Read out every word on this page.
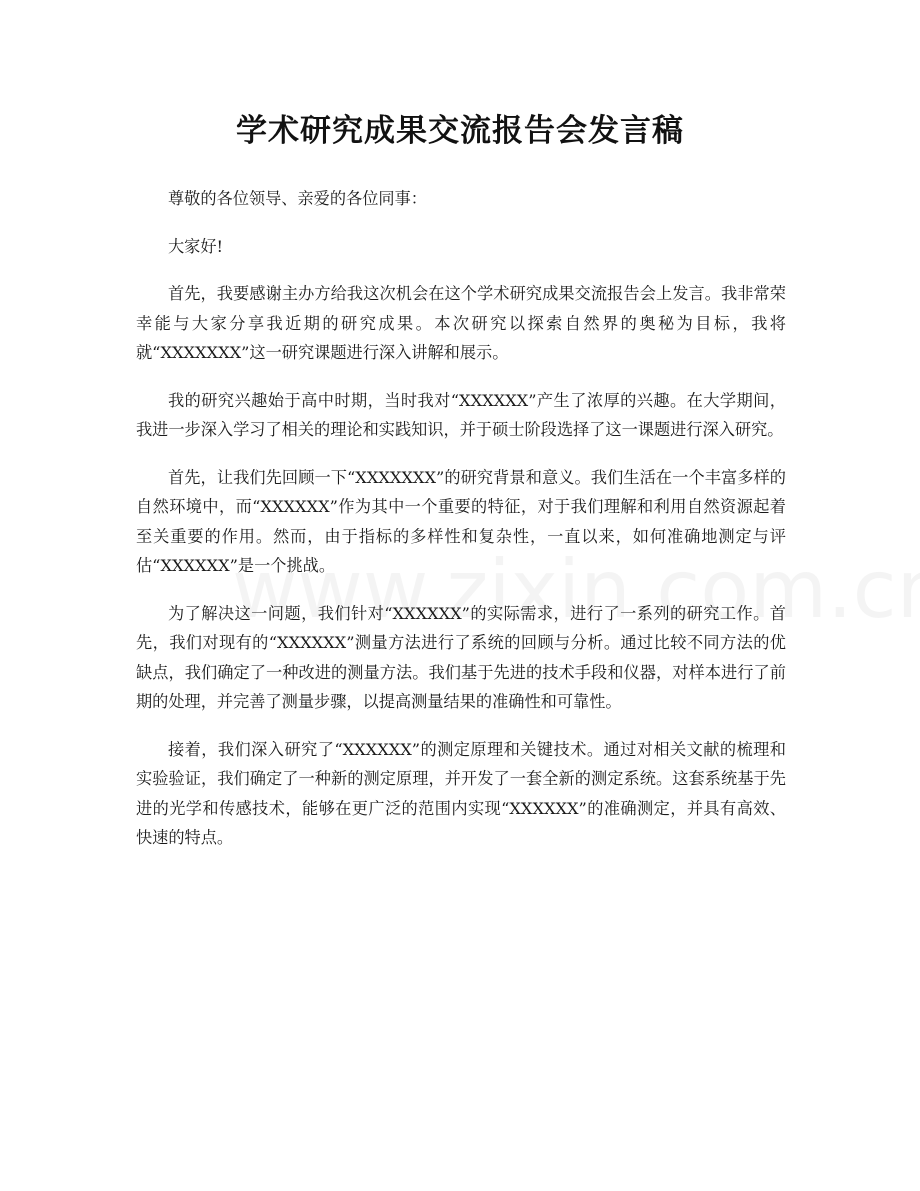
学术研究成果交流报告会发言稿

尊敬的各位领导、亲爱的各位同事：

大家好!

首先，我要感谢主办方给我这次机会在这个学术研究成果交流报告会上发言。我非常荣幸能与大家分享我近期的研究成果。本次研究以探索自然界的奥秘为目标，我将就“XXXXXXX”这一研究课题进行深入讲解和展示。

我的研究兴趣始于高中时期，当时我对“XXXXXX”产生了浓厚的兴趣。在大学期间，我进一步深入学习了相关的理论和实践知识，并于硕士阶段选择了这一课题进行深入研究。

首先，让我们先回顾一下“XXXXXXX”的研究背景和意义。我们生活在一个丰富多样的自然环境中，而“XXXXXX”作为其中一个重要的特征，对于我们理解和利用自然资源起着至关重要的作用。然而，由于指标的多样性和复杂性，一直以来，如何准确地测定与评估“XXXXXX”是一个挑战。

为了解决这一问题，我们针对“XXXXXX”的实际需求，进行了一系列的研究工作。首先，我们对现有的“XXXXXX”测量方法进行了系统的回顾与分析。通过比较不同方法的优缺点，我们确定了一种改进的测量方法。我们基于先进的技术手段和仪器，对样本进行了前期的处理，并完善了测量步骤，以提高测量结果的准确性和可靠性。

接着，我们深入研究了“XXXXXX”的测定原理和关键技术。通过对相关文献的梳理和实验验证，我们确定了一种新的测定原理，并开发了一套全新的测定系统。这套系统基于先进的光学和传感技术，能够在更广泛的范围内实现“XXXXXX”的准确测定，并具有高效、快速的特点。
